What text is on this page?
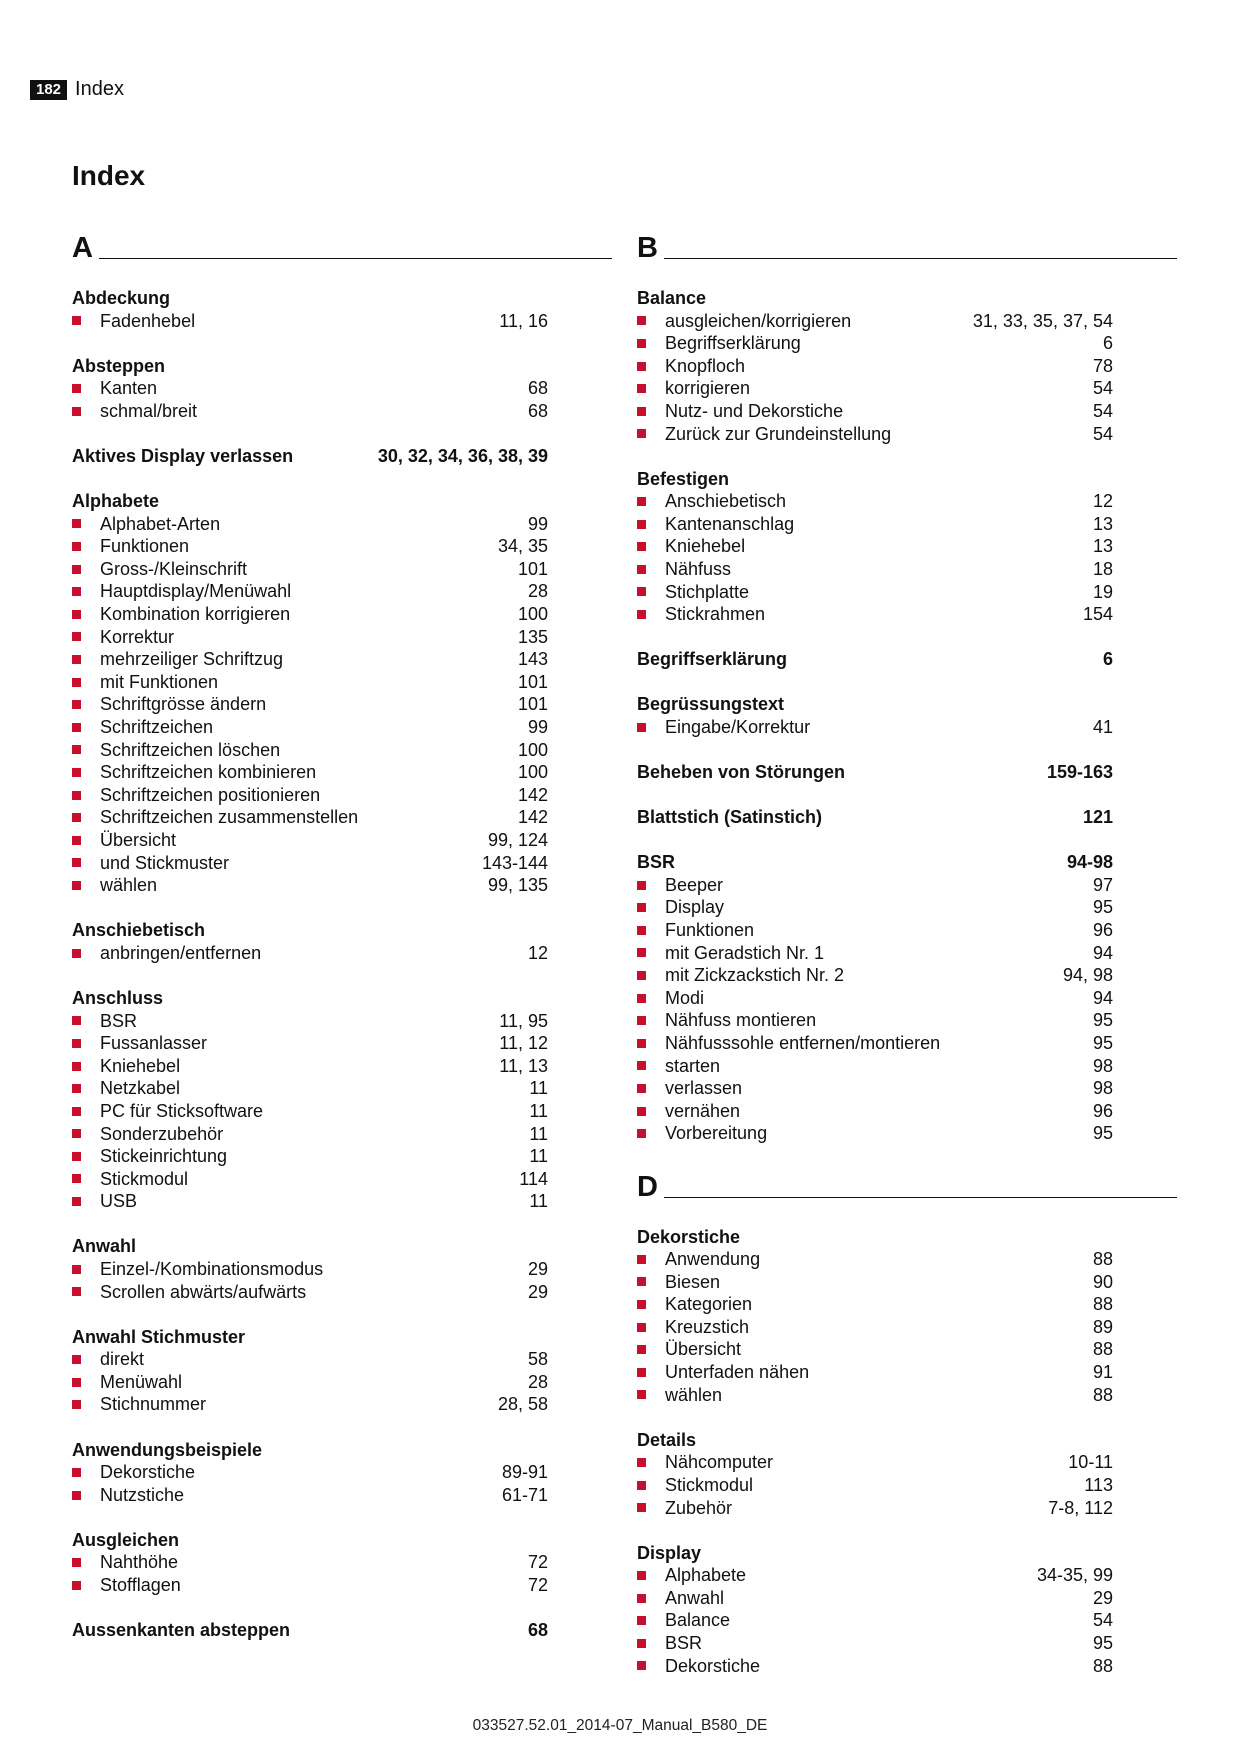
182 Index
Index
A
Abdeckung
Fadenhebel	11, 16
Absteppen
Kanten	68
schmal/breit	68
Aktives Display verlassen	30, 32, 34, 36, 38, 39
Alphabete
Alphabet-Arten	99
Funktionen	34, 35
Gross-/Kleinschrift	101
Hauptdisplay/Menüwahl	28
Kombination korrigieren	100
Korrektur	135
mehrzeiliger Schriftzug	143
mit Funktionen	101
Schriftgrösse ändern	101
Schriftzeichen	99
Schriftzeichen löschen	100
Schriftzeichen kombinieren	100
Schriftzeichen positionieren	142
Schriftzeichen zusammenstellen	142
Übersicht	99, 124
und Stickmuster	143-144
wählen	99, 135
Anschiebetisch
anbringen/entfernen	12
Anschluss
BSR	11, 95
Fussanlasser	11, 12
Kniehebel	11, 13
Netzkabel	11
PC für Sticksoftware	11
Sonderzubehör	11
Stickeinrichtung	11
Stickmodul	114
USB	11
Anwahl
Einzel-/Kombinationsmodus	29
Scrollen abwärts/aufwärts	29
Anwahl Stichmuster
direkt	58
Menüwahl	28
Stichnummer	28, 58
Anwendungsbeispiele
Dekorstiche	89-91
Nutzstiche	61-71
Ausgleichen
Nahthöhe	72
Stofflagen	72
Aussenkanten absteppen	68
B
Balance
ausgleichen/korrigieren	31, 33, 35, 37, 54
Begriffserklärung	6
Knopfloch	78
korrigieren	54
Nutz- und Dekorstiche	54
Zurück zur Grundeinstellung	54
Befestigen
Anschiebetisch	12
Kantenanschlag	13
Kniehebel	13
Nähfuss	18
Stichplatte	19
Stickrahmen	154
Begriffserklärung	6
Begrüssungstext
Eingabe/Korrektur	41
Beheben von Störungen	159-163
Blattstich (Satinstich)	121
BSR	94-98
Beeper	97
Display	95
Funktionen	96
mit Geradstich Nr. 1	94
mit Zickzackstich Nr. 2	94, 98
Modi	94
Nähfuss montieren	95
Nähfusssohle entfernen/montieren	95
starten	98
verlassen	98
vernähen	96
Vorbereitung	95
D
Dekorstiche
Anwendung	88
Biesen	90
Kategorien	88
Kreuzstich	89
Übersicht	88
Unterfaden nähen	91
wählen	88
Details
Nähcomputer	10-11
Stickmodul	113
Zubehör	7-8, 112
Display
Alphabete	34-35, 99
Anwahl	29
Balance	54
BSR	95
Dekorstiche	88
033527.52.01_2014-07_Manual_B580_DE
